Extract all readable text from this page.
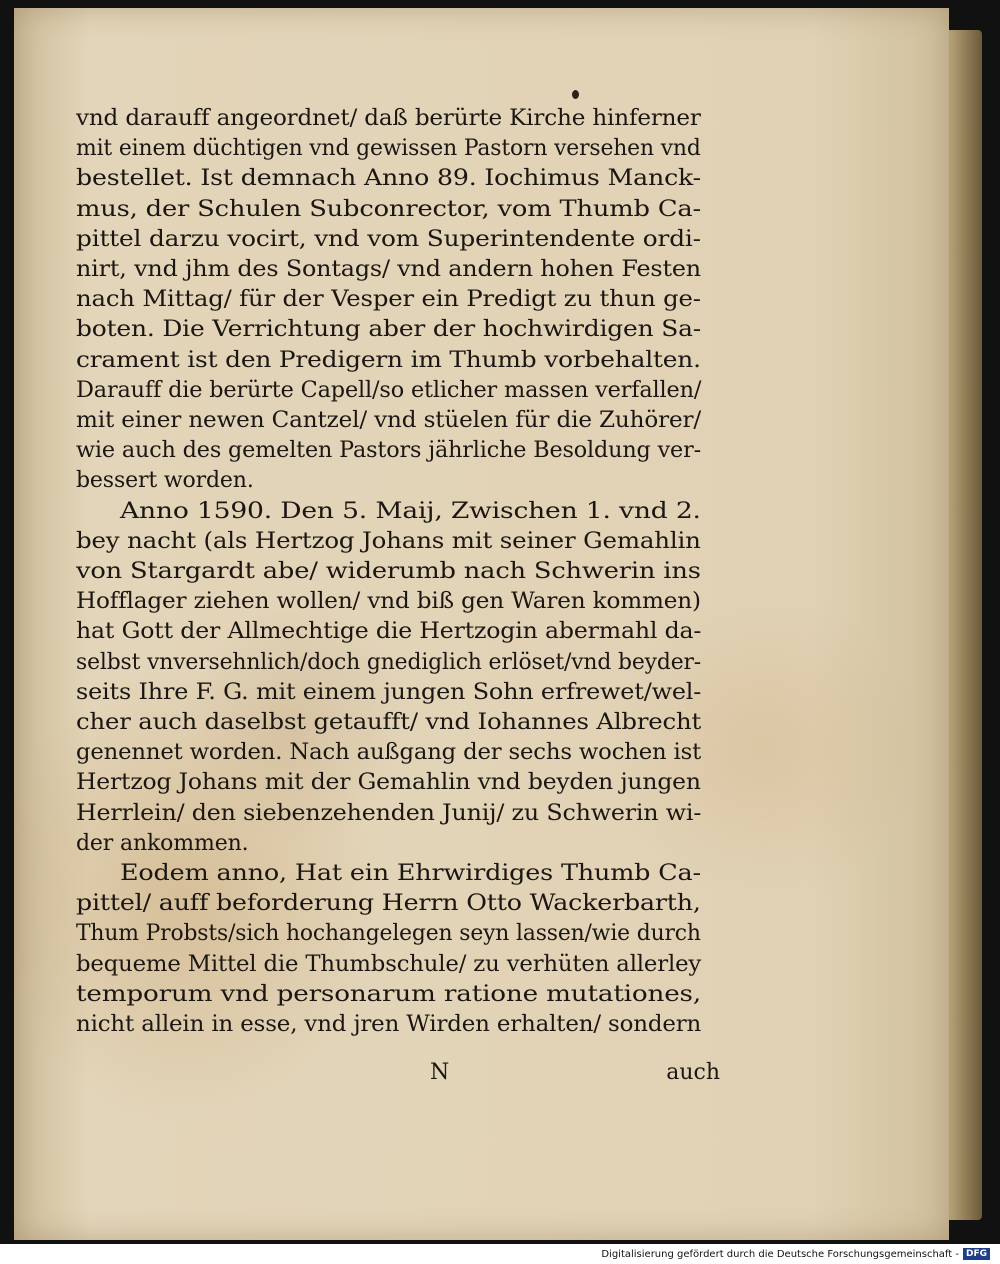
vnd darauff angeordnet/ daß berürte Kirche hinferner
mit einem düchtigen vnd gewissen Pastorn versehen vnd
bestellet. Ist demnach Anno 89. Iochimus Manck-
mus, der Schulen Subconrector, vom Thumb Ca-
pittel darzu vocirt, vnd vom Superintendente ordi-
nirt, vnd jhm des Sontags/ vnd andern hohen Festen
nach Mittag/ für der Vesper ein Predigt zu thun ge-
boten. Die Verrichtung aber der hochwirdigen Sa-
crament ist den Predigern im Thumb vorbehalten.
Darauff die berürte Capell/so etlicher massen verfallen/
mit einer newen Cantzel/ vnd stüelen für die Zuhörer/
wie auch des gemelten Pastors jährliche Besoldung ver-
bessert worden.
Anno 1590. Den 5. Maij, Zwischen 1. vnd 2.
bey nacht (als Hertzog Johans mit seiner Gemahlin
von Stargardt abe/ widerumb nach Schwerin ins
Hofflager ziehen wollen/ vnd biß gen Waren kommen)
hat Gott der Allmechtige die Hertzogin abermahl da-
selbst vnversehnlich/doch gnediglich erlöset/vnd beyder-
seits Ihre F. G. mit einem jungen Sohn erfrewet/wel-
cher auch daselbst getaufft/ vnd Iohannes Albrecht
genennet worden. Nach außgang der sechs wochen ist
Hertzog Johans mit der Gemahlin vnd beyden jungen
Herrlein/ den siebenzehenden Junij/ zu Schwerin wi-
der ankommen.
Eodem anno, Hat ein Ehrwirdiges Thumb Ca-
pittel/ auff beforderung Herrn Otto Wackerbarth,
Thum Probsts/sich hochangelegen seyn lassen/wie durch
bequeme Mittel die Thumbschule/ zu verhüten allerley
temporum vnd personarum ratione mutationes,
nicht allein in esse, vnd jren Wirden erhalten/ sondern
N	auch
Digitalisierung gefördert durch die Deutsche Forschungsgemeinschaft - DFG
